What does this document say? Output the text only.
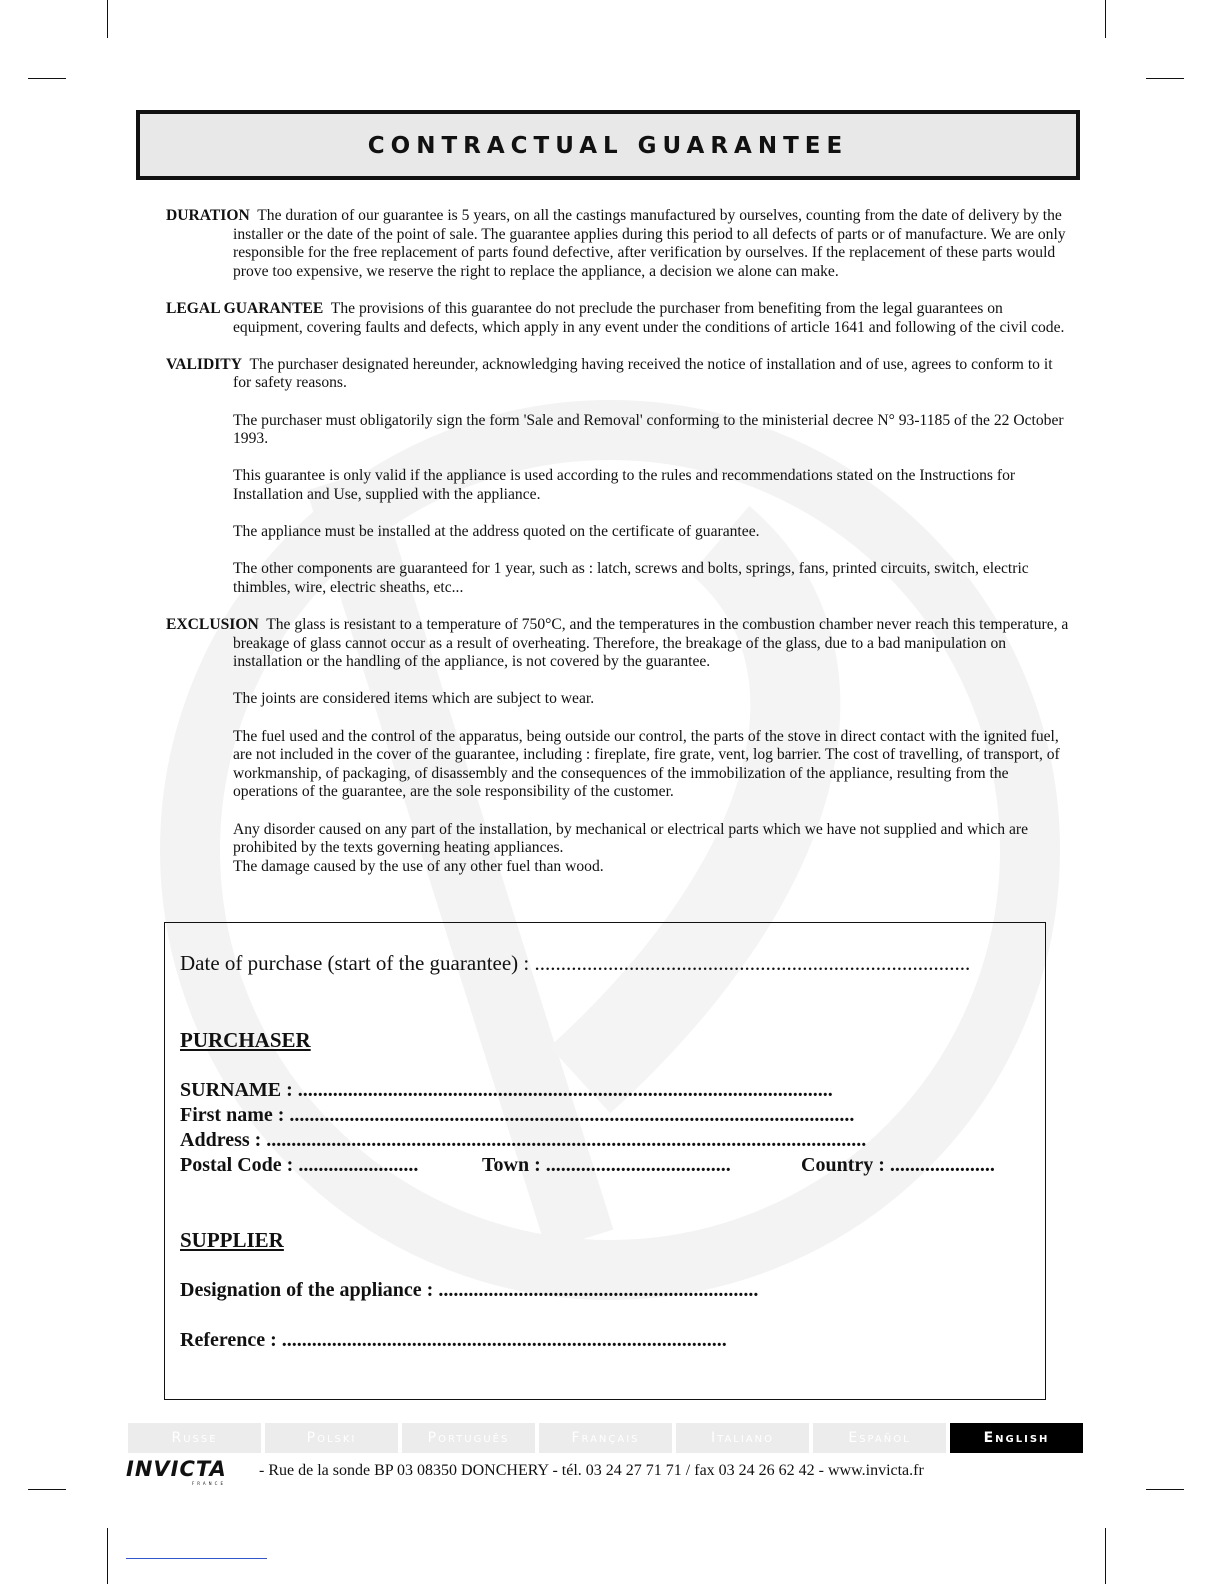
CONTRACTUAL GUARANTEE

DURATION The duration of our guarantee is 5 years, on all the castings manufactured by ourselves, counting from the date of delivery by the installer or the date of the point of sale. The guarantee applies during this period to all defects of parts or of manufacture. We are only responsible for the free replacement of parts found defective, after verification by ourselves. If the replacement of these parts would prove too expensive, we reserve the right to replace the appliance, a decision we alone can make.

LEGAL GUARANTEE The provisions of this guarantee do not preclude the purchaser from benefiting from the legal guarantees on equipment, covering faults and defects, which apply in any event under the conditions of article 1641 and following of the civil code.

VALIDITY The purchaser designated hereunder, acknowledging having received the notice of installation and of use, agrees to conform to it for safety reasons.

The purchaser must obligatorily sign the form 'Sale and Removal' conforming to the ministerial decree N° 93-1185 of the 22 October 1993.

This guarantee is only valid if the appliance is used according to the rules and recommendations stated on the Instructions for Installation and Use, supplied with the appliance.

The appliance must be installed at the address quoted on the certificate of guarantee.

The other components are guaranteed for 1 year, such as : latch, screws and bolts, springs, fans, printed circuits, switch, electric thimbles, wire, electric sheaths, etc...

EXCLUSION The glass is resistant to a temperature of 750°C, and the temperatures in the combustion chamber never reach this temperature, a breakage of glass cannot occur as a result of overheating. Therefore, the breakage of the glass, due to a bad manipulation on installation or the handling of the appliance, is not covered by the guarantee.

The joints are considered items which are subject to wear.

The fuel used and the control of the apparatus, being outside our control, the parts of the stove in direct contact with the ignited fuel, are not included in the cover of the guarantee, including : fireplate, fire grate, vent, log barrier. The cost of travelling, of transport, of workmanship, of packaging, of disassembly and the consequences of the immobilization of the appliance, resulting from the operations of the guarantee, are the sole responsibility of the customer.

Any disorder caused on any part of the installation, by mechanical or electrical parts which we have not supplied and which are prohibited by the texts governing heating appliances.

The damage caused by the use of any other fuel than wood.

Date of purchase (start of the guarantee) : ...................................................................................
PURCHASER
SURNAME : ...........................................................................................................
First name : .................................................................................................................
Address : ........................................................................................................................
Postal Code : ........................	Town : .....................................	Country : .....................
SUPPLIER
Designation of the appliance : ................................................................
Reference : .........................................................................................
Russe	Polski	Português	Français	Italiano	Español	English
INVICTA
FRANCE
- Rue de la sonde BP 03 08350 DONCHERY - tél. 03 24 27 71 71 / fax 03 24 26 62 42 - www.invicta.fr
